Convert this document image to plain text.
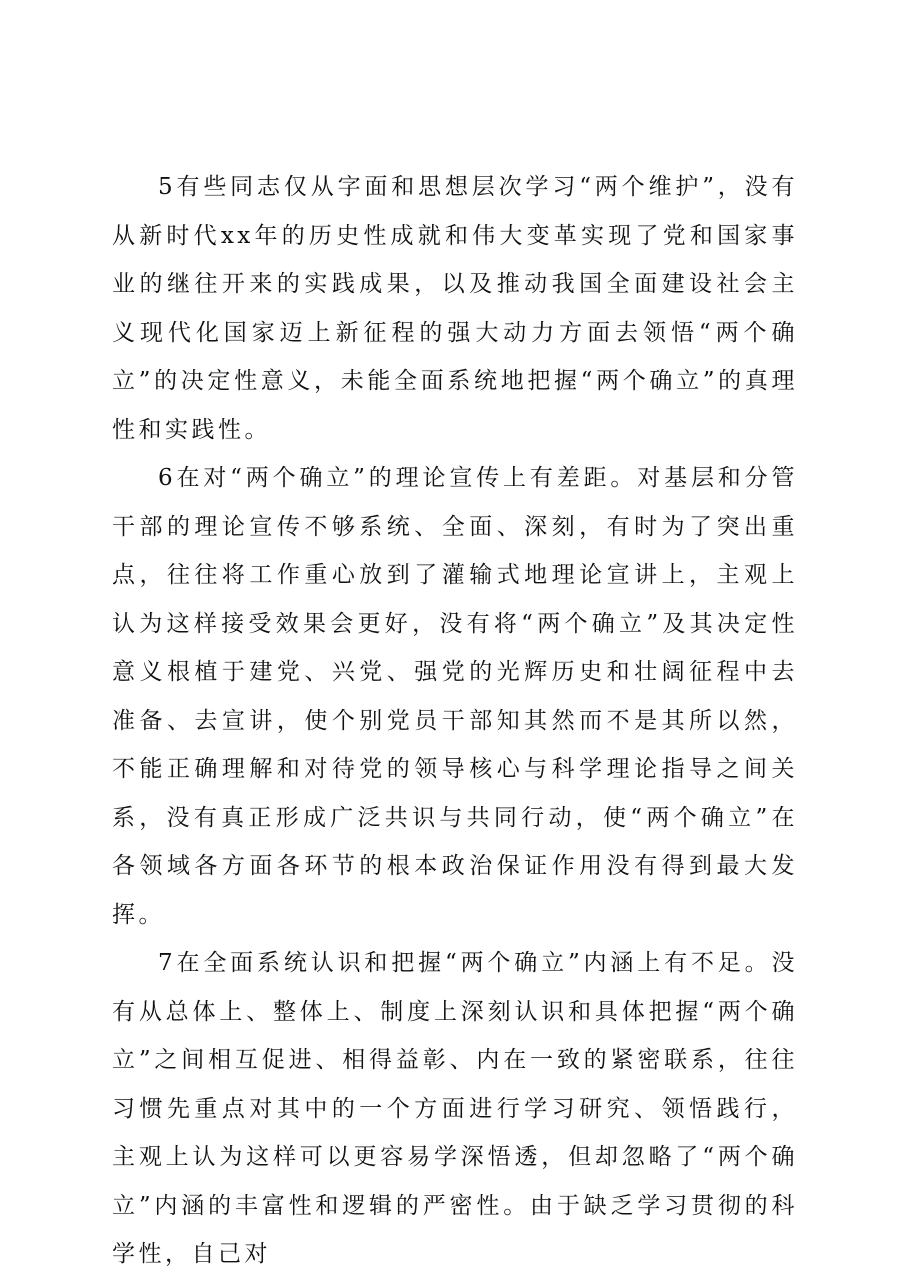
5有些同志仅从字面和思想层次学习“两个维护”，没有从新时代xx年的历史性成就和伟大变革实现了党和国家事业的继往开来的实践成果，以及推动我国全面建设社会主义现代化国家迈上新征程的强大动力方面去领悟“两个确立”的决定性意义，未能全面系统地把握“两个确立”的真理性和实践性。

6在对“两个确立”的理论宣传上有差距。对基层和分管干部的理论宣传不够系统、全面、深刻，有时为了突出重点，往往将工作重心放到了灌输式地理论宣讲上，主观上认为这样接受效果会更好，没有将“两个确立”及其决定性意义根植于建党、兴党、强党的光辉历史和壮阔征程中去准备、去宣讲，使个别党员干部知其然而不是其所以然，不能正确理解和对待党的领导核心与科学理论指导之间关系，没有真正形成广泛共识与共同行动，使“两个确立”在各领域各方面各环节的根本政治保证作用没有得到最大发挥。

7在全面系统认识和把握“两个确立”内涵上有不足。没有从总体上、整体上、制度上深刻认识和具体把握“两个确立”之间相互促进、相得益彰、内在一致的紧密联系，往往习惯先重点对其中的一个方面进行学习研究、领悟践行，主观上认为这样可以更容易学深悟透，但却忽略了“两个确立”内涵的丰富性和逻辑的严密性。由于缺乏学习贯彻的科学性，自己对
